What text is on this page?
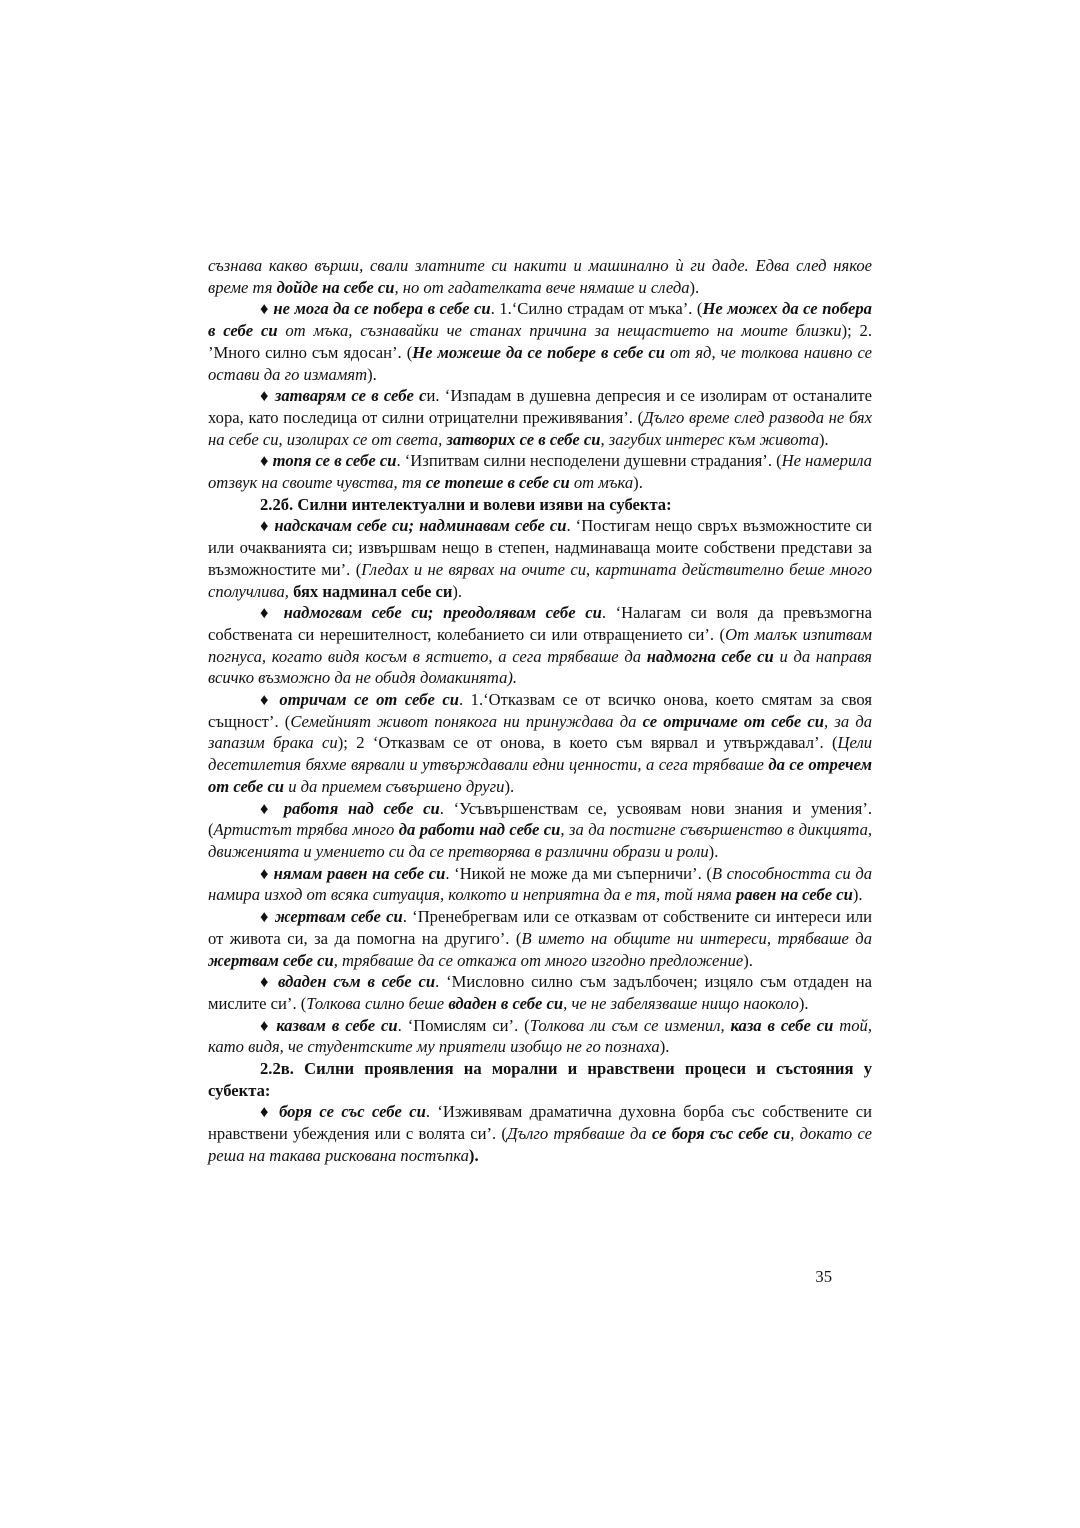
съзнава какво върши, свали златните си накити и машинално ѝ ги даде. Едва след някое време тя дойде на себе си, но от гадателката вече нямаше и следа).

♦ не мога да се побера в себе си. 1.‘Силно страдам от мъка’. (Не можех да се побера в себе си от мъка, съзнавайки че станах причина за нещастието на моите близки); 2. ’Много силно съм ядосан’. (Не можеше да се побере в себе си от яд, че толкова наивно се остави да го измамят).

♦ затварям се в себе си. ‘Изпадам в душевна депресия и се изолирам от останалите хора, като последица от силни отрицателни преживявания’. (Дълго време след развода не бях на себе си, изолирах се от света, затворих се в себе си, загубих интерес към живота).

♦ топя се в себе си. ‘Изпитвам силни несподелени душевни страдания’. (Не намерила отзвук на своите чувства, тя се топеше в себе си от мъка).

2.2б. Силни интелектуални и волеви изяви на субекта:

♦ надскачам себе си; надминавам себе си. ‘Постигам нещо свръх възможностите си или очакванията си; извършвам нещо в степен, надминаваща моите собствени представи за възможностите ми’. (Гледах и не вярвах на очите си, картината действително беше много сполучлива, бях надминал себе си).

♦ надмогвам себе си; преодолявам себе си. ‘Налагам си воля да превъзмогна собствената си нерешителност, колебанието си или отвращението си’. (От малък изпитвам погнуса, когато видя косъм в ястието, а сега трябваше да надмогна себе си и да направя всичко възможно да не обидя домакинята).

♦ отричам се от себе си. 1.‘Отказвам се от всичко онова, което смятам за своя същност’. (Семейният живот понякога ни принуждава да се отричаме от себе си, за да запазим брака си); 2 ‘Отказвам се от онова, в което съм вярвал и утвърждавал’. (Цели десетилетия бяхме вярвали и утвърждавали едни ценности, а сега трябваше да се отречем от себе си и да приемем съвършено други).

♦ работя над себе си. ‘Усъвършенствам се, усвоявам нови знания и умения’. (Артистът трябва много да работи над себе си, за да постигне съвършенство в дикцията, движенията и умението си да се претворява в различни образи и роли).

♦ нямам равен на себе си. ‘Никой не може да ми съперничи’. (В способността си да намира изход от всяка ситуация, колкото и неприятна да е тя, той няма равен на себе си).

♦ жертвам себе си. ‘Пренебрегвам или се отказвам от собствените си интереси или от живота си, за да помогна на другиго’. (В името на общите ни интереси, трябваше да жертвам себе си, трябваше да се откажа от много изгодно предложение).

♦ вдаден съм в себе си. ‘Мисловно силно съм задълбочен; изцяло съм отдаден на мислите си’. (Толкова силно беше вдаден в себе си, че не забелязваше нищо наоколо).

♦ казвам в себе си. ‘Помислям си’. (Толкова ли съм се изменил, каза в себе си той, като видя, че студентските му приятели изобщо не го познаха).

2.2в. Силни проявления на морални и нравствени процеси и състояния у субекта:

♦ боря се със себе си. ‘Изживявам драматична духовна борба със собствените си нравствени убеждения или с волята си’. (Дълго трябваше да се боря със себе си, докато се реша на такава рискована постъпка).

35
